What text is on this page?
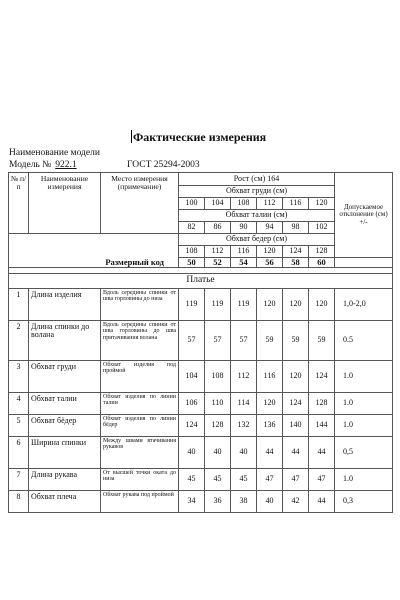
Фактические измерения
Наименование модели
Модель № 922.1	ГОСТ 25294-2003
№ п/п	Наименование измерения	Место измерения (примечание)	Рост (см) 164						Допускаемое отклонение (см) +/-
			Обхват груди (см)						
			100	104	108	112	116	120	
			Обхват талии (см)						
			82	86	90	94	98	102	
			Обхват бедер (см)						
			108	112	116	120	124	128	
Размерный код			50	52	54	56	58	60	

Платье									
1	Длина изделия	Вдоль середины спинки от шва горловины до низа	119	119	119	120	120	120	1,0-2,0
2	Длина спинки до волана	Вдоль середины спинки от шва горловины до шва притачивания волана	57	57	57	59	59	59	0.5
3	Обхват груди	Обхват изделия под проймой	104	108	112	116	120	124	1.0
4	Обхват талии	Обхват изделия по линии талии	106	110	114	120	124	128	1.0
5	Обхват бёдер	Обхват изделия по линии бёдер	124	128	132	136	140	144	1.0
6	Ширина спинки	Между швами втачивания рукавов	40	40	40	44	44	44	0,5
7	Длина рукава	От высшей точки оката до низа	45	45	45	47	47	47	1.0
8	Обхват плеча	Обхват рукава под проймой	34	36	38	40	42	44	0,3
